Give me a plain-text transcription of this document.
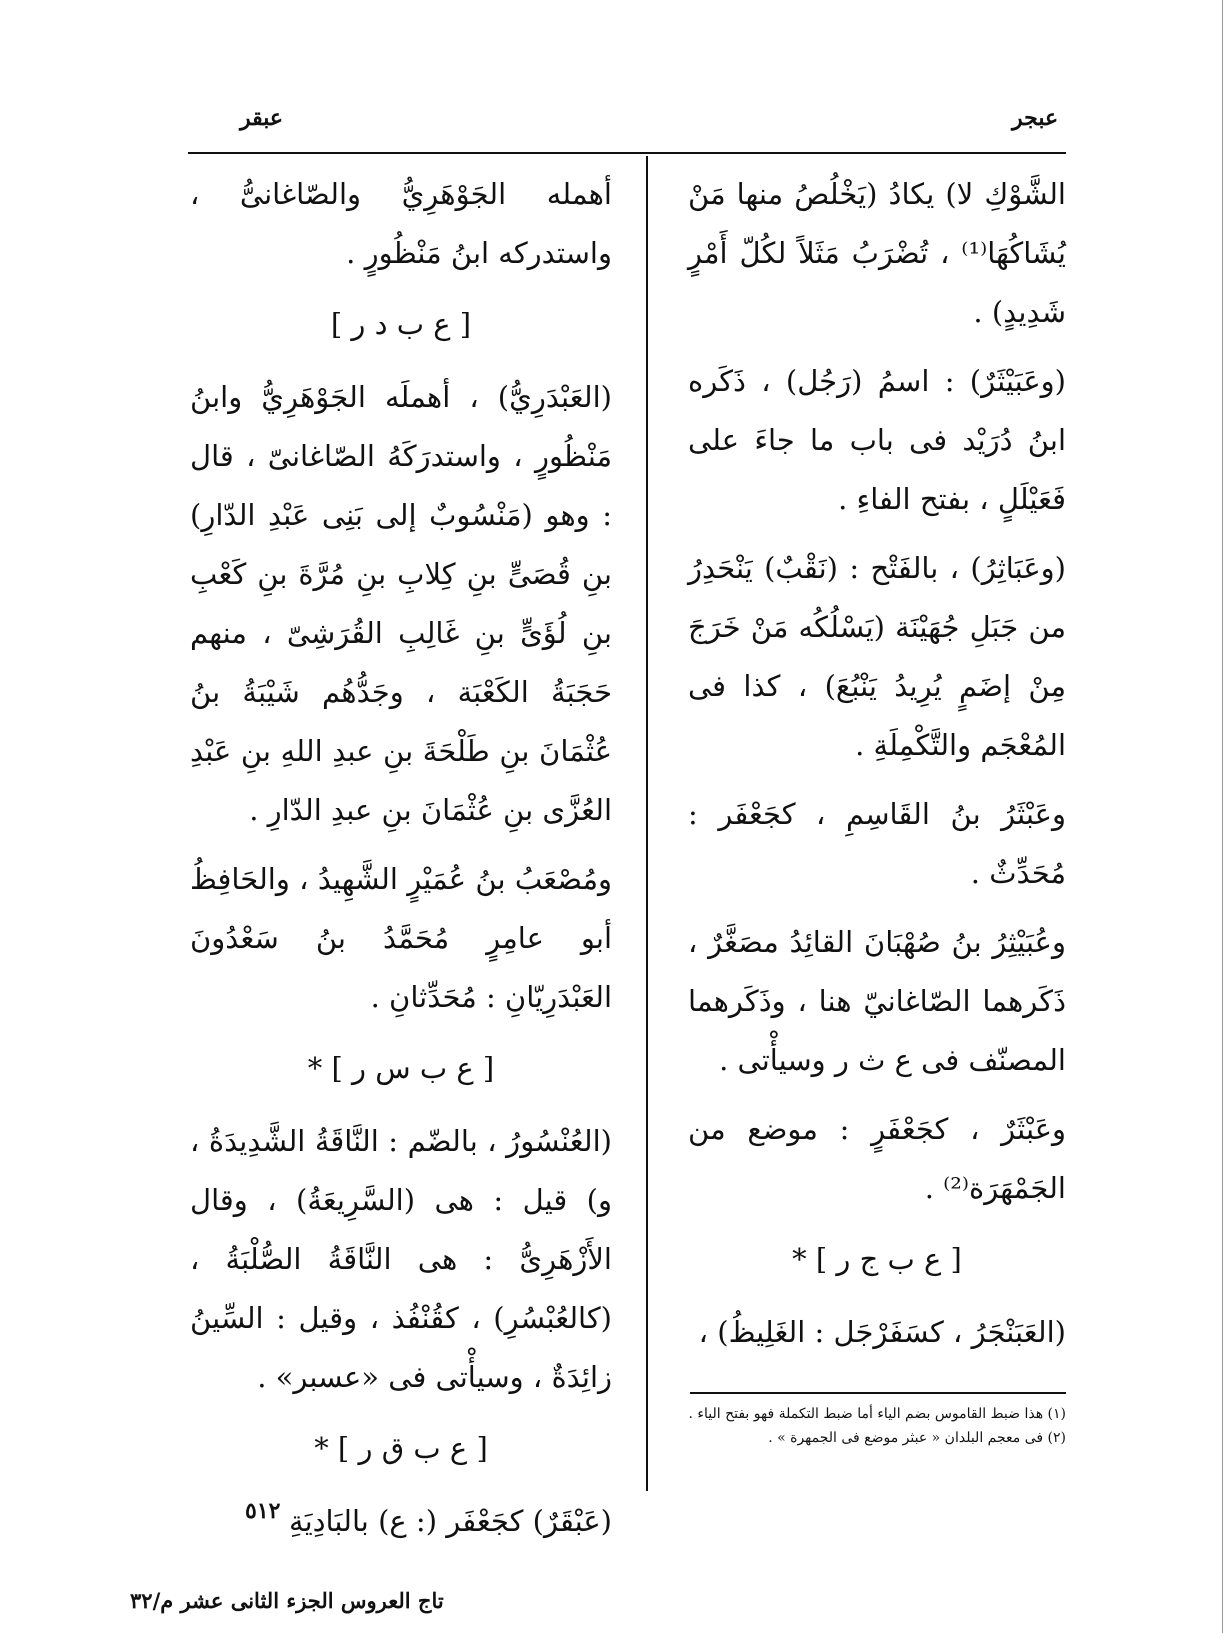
عبقر	عبجر

الشَّوْكِ لا) يكادُ (يَخْلُصُ منها مَنْ يُشَاكُهَا⁽¹⁾ ، تُضْرَبُ مَثَلاً لكُلّ أَمْرٍ شَدِيدٍ) .

(وعَبَيْثَرٌ) : اسمُ (رَجُل) ، ذَكَره ابنُ دُرَيْد فى باب ما جاءَ على فَعَيْلَلٍ ، بفتح الفاءِ .

(وعَبَاثِرُ) ، بالفَتْح : (نَقْبٌ) يَنْحَدِرُ من جَبَلِ جُهَيْنَة (يَسْلُكُه مَنْ خَرَجَ مِنْ إضَمٍ يُرِيدُ يَنْبُعَ) ، كذا فى المُعْجَم والتَّكْمِلَةِ .

وعَبْثَرُ بنُ القَاسِمِ ، كجَعْفَر : مُحَدِّثٌ .

وعُبَيْثِرُ بنُ صُهْبَانَ القائِدُ مصَغَّرٌ ، ذَكَرهما الصّاغانيّ هنا ، وذَكَرهما المصنّف فى ع ث ر وسيأْتى .

وعَبْثَرٌ ، كجَعْفَرٍ : موضع من الجَمْهَرَة⁽²⁾ .

[ ع ب ج ر ] *

(العَبَنْجَرُ ، كسَفَرْجَل : الغَلِيظُ) ،

أهمله الجَوْهَرِيُّ والصّاغانىُّ ، واستدركه ابنُ مَنْظُورٍ .

[ ع ب د ر ]

(العَبْدَرِيُّ) ، أهملَه الجَوْهَرِيُّ وابنُ مَنْظُورٍ ، واستدرَكَهُ الصّاغانىّ ، قال : وهو (مَنْسُوبٌ إلى بَنِى عَبْدِ الدّارِ) بنِ قُصَىٍّ بنِ كِلابِ بنِ مُرَّةَ بنِ كَعْبِ بنِ لُؤَىٍّ بنِ غَالِبِ القُرَشِىّ ، منهم حَجَبَةُ الكَعْبَة ، وجَدُّهُم شَيْبَةُ بنُ عُثْمَانَ بنِ طَلْحَةَ بنِ عبدِ اللهِ بنِ عَبْدِ العُزَّى بنِ عُثْمَانَ بنِ عبدِ الدّارِ .

ومُصْعَبُ بنُ عُمَيْرٍ الشَّهِيدُ ، والحَافِظُ أبو عامِرٍ مُحَمَّدُ بنُ سَعْدُونَ العَبْدَرِيّانِ : مُحَدِّثانِ .

[ ع ب س ر ] *

(العُنْسُورُ ، بالضّم : النَّاقَةُ الشَّدِيدَةُ ، و) قيل : هى (السَّرِيعَةُ) ، وقال الأَزْهَرِىُّ : هى النَّاقَةُ الصُّلْبَةُ ، (كالعُبْسُرِ) ، كقُنْفُذ ، وقيل : السِّينُ زائِدَةٌ ، وسيأْتى فى «عسبر» .

[ ع ب ق ر ] *

(عَبْقَرٌ) كجَعْفَر (: ع) بالبَادِيَةِ

(١) هذا ضبط القاموس بضم الياء أما ضبط التكملة فهو بفتح الياء .
(٢) فى معجم البلدان « عبثر موضع فى الجمهرة » .
٥١٢
تاج العروس الجزء الثانى عشر م/٣٢
